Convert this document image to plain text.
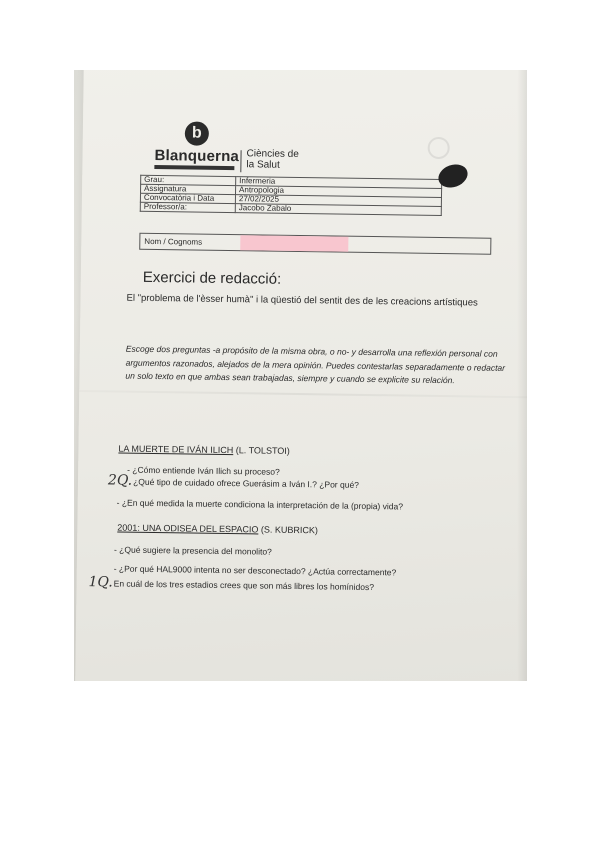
b
Blanquerna Ciències de la Salut
Grau:	Infermeria
Assignatura	Antropologia
Convocatòria i Data	27/02/2025
Professor/a:	Jacobo Zabalo
Nom / Cognoms
Exercici de redacció:
El "problema de l'èsser humà" i la qüestió del sentit des de les creacions artístiques
Escoge dos preguntas -a propósito de la misma obra, o no- y desarrolla una reflexión personal con argumentos razonados, alejados de la mera opinión. Puedes contestarlas separadamente o redactar un solo texto en que ambas sean trabajadas, siempre y cuando se explicite su relación.
LA MUERTE DE IVÁN ILICH (L. TOLSTOI)
- ¿Cómo entiende Iván Ilich su proceso?
2Q.¿Qué tipo de cuidado ofrece Guerásim a Iván I.? ¿Por qué?
- ¿En qué medida la muerte condiciona la interpretación de la (propia) vida?
2001: UNA ODISEA DEL ESPACIO (S. KUBRICK)
- ¿Qué sugiere la presencia del monolito?
- ¿Por qué HAL9000 intenta no ser desconectado? ¿Actúa correctamente?
1Q.En cuál de los tres estadios crees que son más libres los homínidos?
